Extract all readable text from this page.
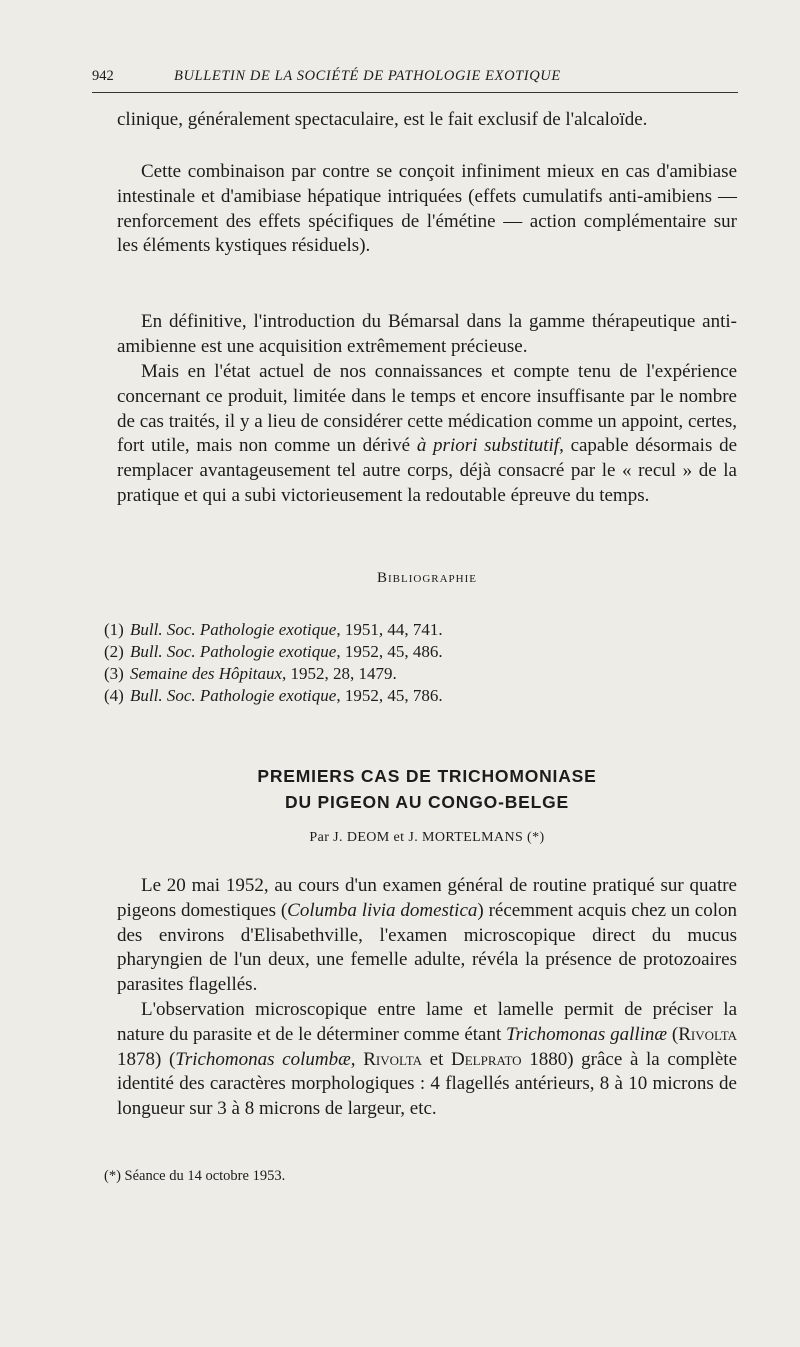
942	BULLETIN DE LA SOCIÉTÉ DE PATHOLOGIE EXOTIQUE

clinique, généralement spectaculaire, est le fait exclusif de l'alcaloïde.

Cette combinaison par contre se conçoit infiniment mieux en cas d'amibiase intestinale et d'amibiase hépatique intriquées (effets cumulatifs anti-amibiens — renforcement des effets spécifiques de l'émétine — action complémentaire sur les éléments kystiques résiduels).

En définitive, l'introduction du Bémarsal dans la gamme thérapeutique anti-amibienne est une acquisition extrêmement précieuse.

Mais en l'état actuel de nos connaissances et compte tenu de l'expérience concernant ce produit, limitée dans le temps et encore insuffisante par le nombre de cas traités, il y a lieu de considérer cette médication comme un appoint, certes, fort utile, mais non comme un dérivé à priori substitutif, capable désormais de remplacer avantageusement tel autre corps, déjà consacré par le « recul » de la pratique et qui a subi victorieusement la redoutable épreuve du temps.

Bibliographie
(1) Bull. Soc. Pathologie exotique, 1951, 44, 741.
(2) Bull. Soc. Pathologie exotique, 1952, 45, 486.
(3) Semaine des Hôpitaux, 1952, 28, 1479.
(4) Bull. Soc. Pathologie exotique, 1952, 45, 786.
PREMIERS CAS DE TRICHOMONIASE
DU PIGEON AU CONGO-BELGE
Par J. DEOM et J. MORTELMANS (*)

Le 20 mai 1952, au cours d'un examen général de routine pratiqué sur quatre pigeons domestiques (Columba livia domestica) récemment acquis chez un colon des environs d'Elisabethville, l'examen microscopique direct du mucus pharyngien de l'un deux, une femelle adulte, révéla la présence de protozoaires parasites flagellés.

L'observation microscopique entre lame et lamelle permit de préciser la nature du parasite et de le déterminer comme étant Trichomonas gallinæ (Rivolta 1878) (Trichomonas columbæ, Rivolta et Delprato 1880) grâce à la complète identité des caractères morphologiques : 4 flagellés antérieurs, 8 à 10 microns de longueur sur 3 à 8 microns de largeur, etc.

(*) Séance du 14 octobre 1953.
